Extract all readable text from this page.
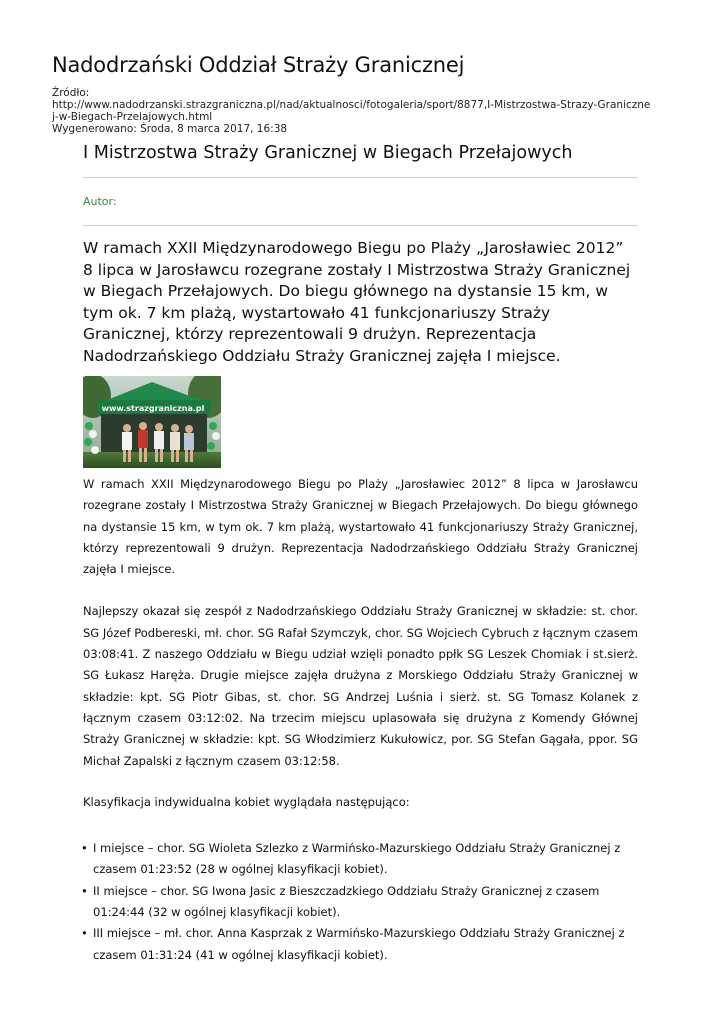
Nadodrzański Oddział Straży Granicznej
Źródło:
http://www.nadodrzanski.strazgraniczna.pl/nad/aktualnosci/fotogaleria/sport/8877,I-Mistrzostwa-Strazy-Graniczne
j-w-Biegach-Przelajowych.html
Wygenerowano: Środa, 8 marca 2017, 16:38
I Mistrzostwa Straży Granicznej w Biegach Przełajowych
Autor:
W ramach XXII Międzynarodowego Biegu po Plaży „Jarosławiec 2012” 8 lipca w Jarosławcu rozegrane zostały I Mistrzostwa Straży Granicznej w Biegach Przełajowych. Do biegu głównego na dystansie 15 km, w tym ok. 7 km plażą, wystartowało 41 funkcjonariuszy Straży Granicznej, którzy reprezentowali 9 drużyn. Reprezentacja Nadodrzańskiego Oddziału Straży Granicznej zajęła I miejsce.
www.strazgraniczna.pl

W ramach XXII Międzynarodowego Biegu po Plaży „Jarosławiec 2012” 8 lipca w Jarosławcu rozegrane zostały I Mistrzostwa Straży Granicznej w Biegach Przełajowych. Do biegu głównego na dystansie 15 km, w tym ok. 7 km plażą, wystartowało 41 funkcjonariuszy Straży Granicznej, którzy reprezentowali 9 drużyn. Reprezentacja Nadodrzańskiego Oddziału Straży Granicznej zajęła I miejsce.

Najlepszy okazał się zespół z Nadodrzańskiego Oddziału Straży Granicznej w składzie: st. chor. SG Józef Podbereski, mł. chor. SG Rafał Szymczyk, chor. SG Wojciech Cybruch z łącznym czasem 03:08:41. Z naszego Oddziału w Biegu udział wzięli ponadto ppłk SG Leszek Chomiak i st.sierż. SG Łukasz Haręża. Drugie miejsce zajęła drużyna z Morskiego Oddziału Straży Granicznej w składzie: kpt. SG Piotr Gibas, st. chor. SG Andrzej Luśnia i sierż. st. SG Tomasz Kolanek z łącznym czasem 03:12:02. Na trzecim miejscu uplasowała się drużyna z Komendy Głównej Straży Granicznej w składzie: kpt. SG Włodzimierz Kukułowicz, por. SG Stefan Gągała, ppor. SG Michał Zapalski z łącznym czasem 03:12:58.

Klasyfikacja indywidualna kobiet wyglądała następująco:

• I miejsce – chor. SG Wioleta Szlezko z Warmińsko-Mazurskiego Oddziału Straży Granicznej z czasem 01:23:52 (28 w ogólnej klasyfikacji kobiet).
• II miejsce – chor. SG Iwona Jasic z Bieszczadzkiego Oddziału Straży Granicznej z czasem 01:24:44 (32 w ogólnej klasyfikacji kobiet).
• III miejsce – mł. chor. Anna Kasprzak z Warmińsko-Mazurskiego Oddziału Straży Granicznej z czasem 01:31:24 (41 w ogólnej klasyfikacji kobiet).
